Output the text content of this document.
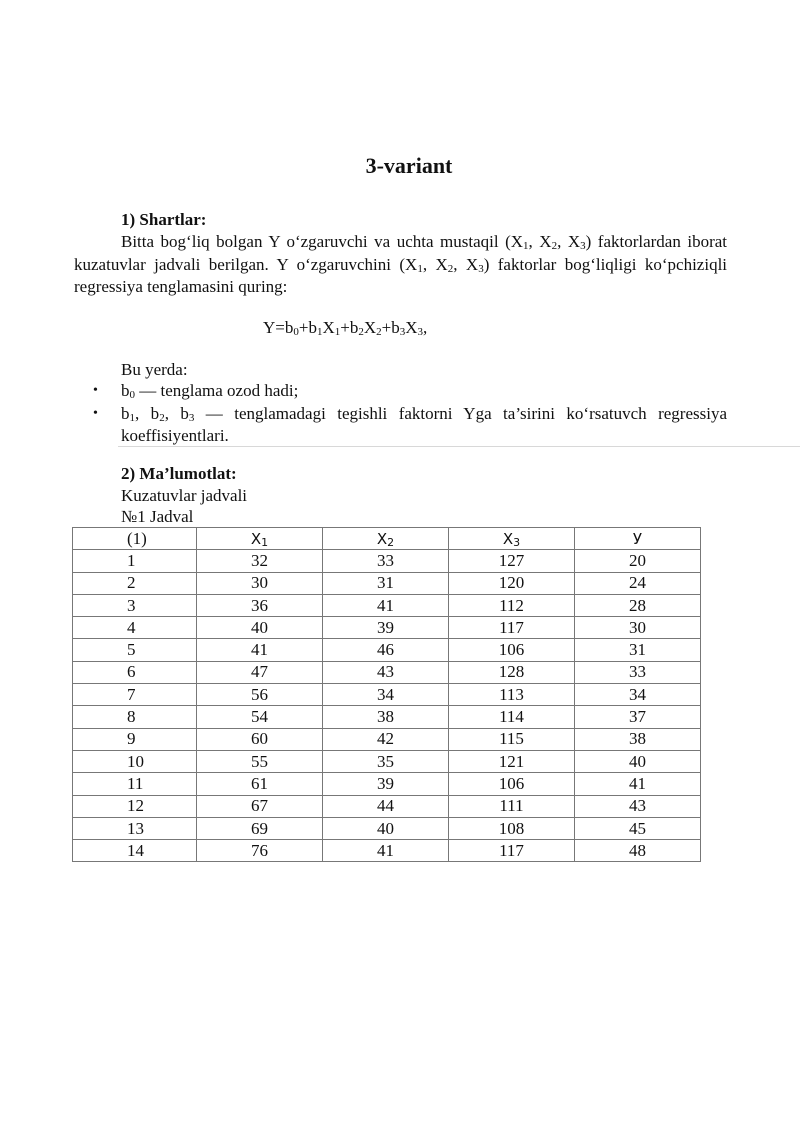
3-variant
1) Shartlar:
Bitta bog‘liq bolgan Y o‘zgaruvchi va uchta mustaqil ($X_1$, $X_2$, $X_3$) faktorlardan iborat kuzatuvlar jadvali berilgan. Y o‘zgaruvchini ($X_1$, $X_2$, $X_3$) faktorlar bog‘liqligi ko‘pchiziqli regressiya tenglamasini quring:
$Y=b_0+b_1X_1+b_2X_2+b_3X_3$,
Bu yerda:
• $b_0$ — tenglama ozod hadi;
• $b_1$, $b_2$, $b_3$ — tenglamadagi tegishli faktorni Yga ta’sirini ko‘rsatuvch regressiya koeffisiyentlari.
2) Ma’lumotlat:
Kuzatuvlar jadvali
№1 Jadval
(1)	$X_1$	$X_2$	$X_3$	У
1	32	33	127	20
2	30	31	120	24
3	36	41	112	28
4	40	39	117	30
5	41	46	106	31
6	47	43	128	33
7	56	34	113	34
8	54	38	114	37
9	60	42	115	38
10	55	35	121	40
11	61	39	106	41
12	67	44	111	43
13	69	40	108	45
14	76	41	117	48
